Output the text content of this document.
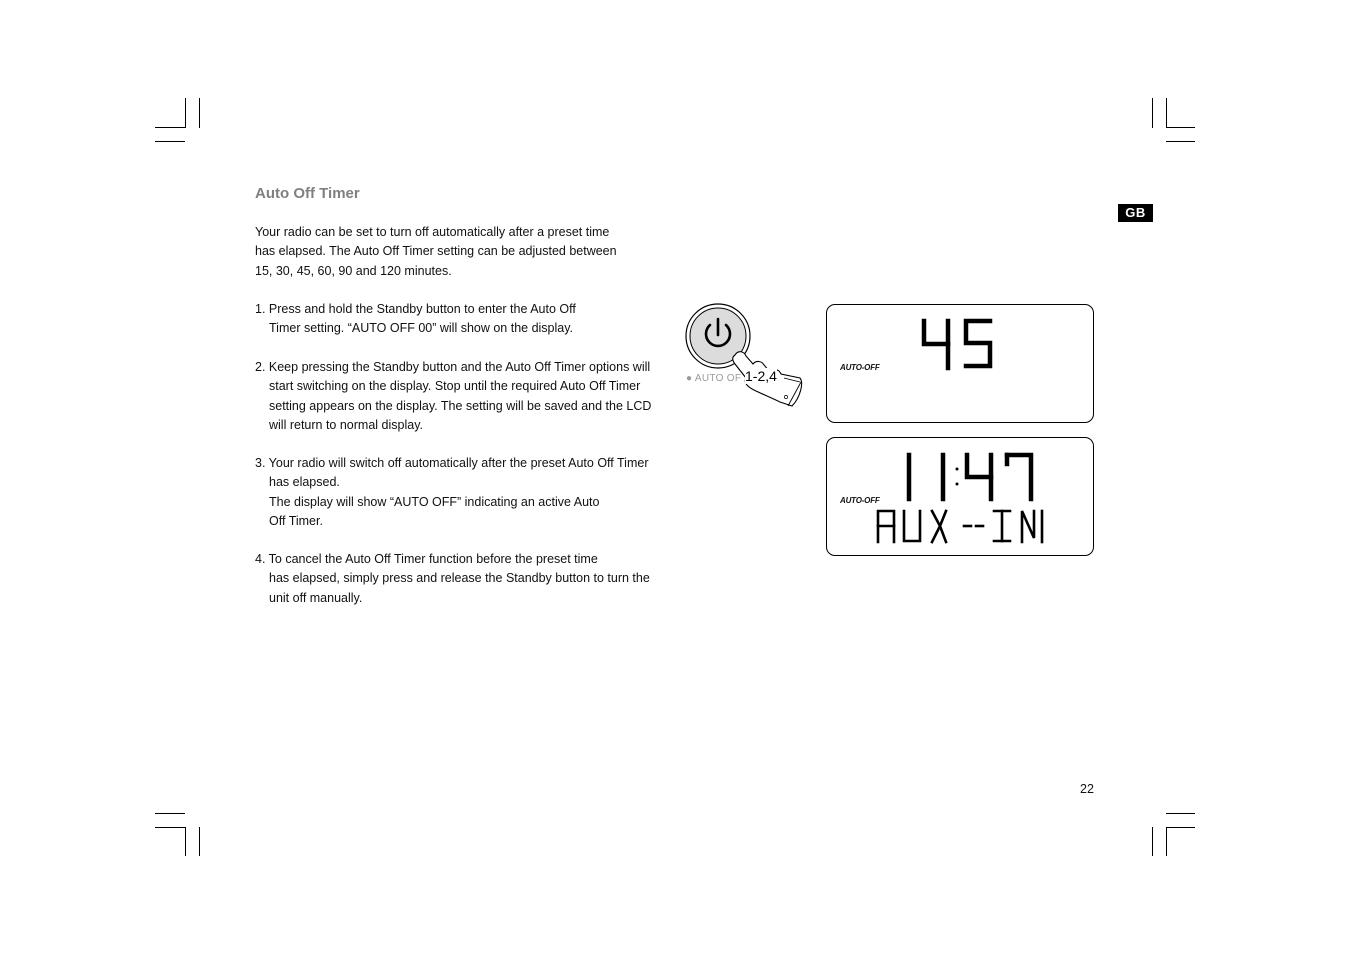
Auto Off Timer
GB
Your radio can be set to turn off automatically after a preset time
has elapsed. The Auto Off Timer setting can be adjusted between
15, 30, 45, 60, 90 and 120 minutes.
1. Press and hold the Standby button to enter the Auto Off
Timer setting. “AUTO OFF 00” will show on the display.
2. Keep pressing the Standby button and the Auto Off Timer options will
start switching on the display. Stop until the required Auto Off Timer
setting appears on the display. The setting will be saved and the LCD
will return to normal display.
3. Your radio will switch off automatically after the preset Auto Off Timer
has elapsed.
The display will show “AUTO OFF” indicating an active Auto
Off Timer.
4. To cancel the Auto Off Timer function before the preset time
has elapsed, simply press and release the Standby button to turn the
unit off manually.
● AUTO OF 1-2,4
AUTO-OFF
AUTO-OFF
22
